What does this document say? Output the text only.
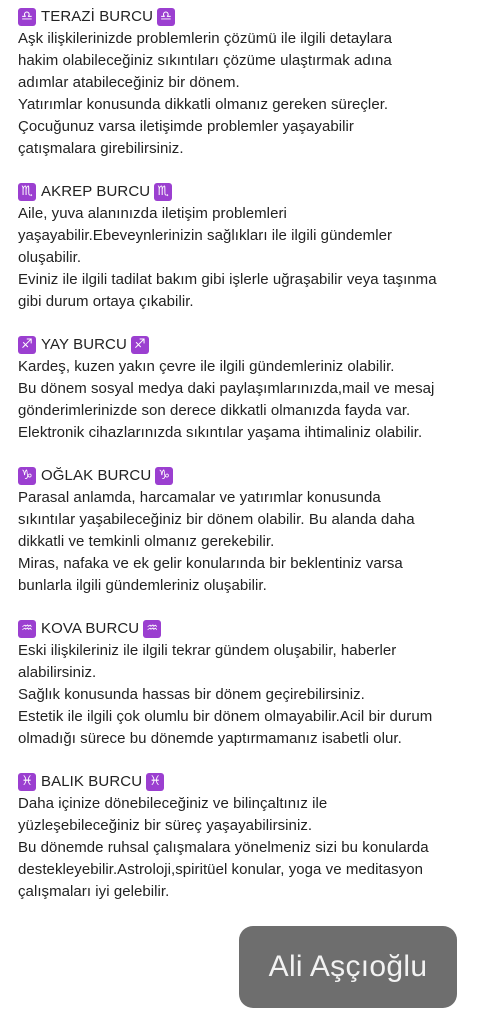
♎ TERAZİ BURCU ♎
Aşk ilişkilerinizde problemlerin çözümü ile ilgili detaylara
hakim olabileceğiniz sıkıntıları çözüme ulaştırmak adına
adımlar atabileceğiniz bir dönem.
Yatırımlar konusunda dikkatli olmanız gereken süreçler.
Çocuğunuz varsa iletişimde problemler yaşayabilir
çatışmalara girebilirsiniz.
♏ AKREP BURCU ♏
Aile, yuva alanınızda iletişim problemleri
yaşayabilir.Ebeveynlerinizin sağlıkları ile ilgili gündemler
oluşabilir.
Eviniz ile ilgili tadilat bakım gibi işlerle uğraşabilir veya taşınma
gibi durum ortaya çıkabilir.
♐ YAY BURCU ♐
Kardeş, kuzen yakın çevre ile ilgili gündemleriniz olabilir.
Bu dönem sosyal medya daki paylaşımlarınızda,mail ve mesaj
gönderimlerinizde son derece dikkatli olmanızda fayda var.
Elektronik cihazlarınızda sıkıntılar yaşama ihtimaliniz olabilir.
♑ OĞLAK BURCU ♑
Parasal anlamda, harcamalar ve yatırımlar konusunda
sıkıntılar yaşabileceğiniz bir dönem olabilir. Bu alanda daha
dikkatli ve temkinli olmanız gerekebilir.
Miras, nafaka ve ek gelir konularında bir beklentiniz varsa
bunlarla ilgili gündemleriniz oluşabilir.
♒ KOVA BURCU ♒
Eski ilişkileriniz ile ilgili tekrar gündem oluşabilir, haberler
alabilirsiniz.
Sağlık konusunda hassas bir dönem geçirebilirsiniz.
Estetik ile ilgili çok olumlu bir dönem olmayabilir.Acil bir durum
olmadığı sürece bu dönemde yaptırmamanız isabetli olur.
♓ BALIK BURCU ♓
Daha içinize dönebileceğiniz ve bilinçaltınız ile
yüzleşebileceğiniz bir süreç yaşayabilirsiniz.
Bu dönemde ruhsal çalışmalara yönelmeniz sizi bu konularda
destekleyebilir.Astroloji,spiritüel konular, yoga ve meditasyon
çalışmaları iyi gelebilir.
Ali Aşçıoğlu
